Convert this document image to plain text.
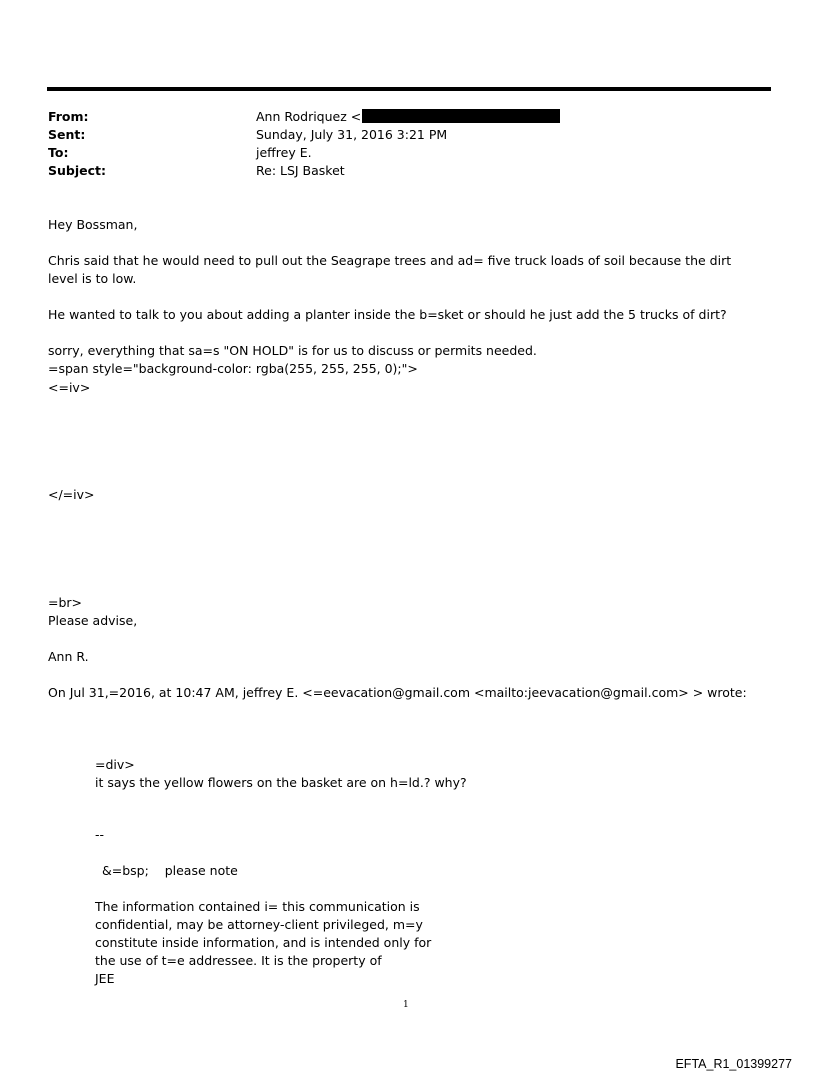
From:	Ann Rodriquez <
Sent:	Sunday, July 31, 2016 3:21 PM
To:	jeffrey E.
Subject:	Re: LSJ Basket

Hey Bossman,

Chris said that he would need to pull out the Seagrape trees and ad= five truck loads of soil because the dirt level is to low.

He wanted to talk to you about adding a planter inside the b=sket or should he just add the 5 trucks of dirt?

sorry, everything that sa=s "ON HOLD" is for us to discuss or permits needed.

=span style="background-color: rgba(255, 255, 255, 0);">

<=iv>

</=iv>

=br>

Please advise,

Ann R.

On Jul 31,=2016, at 10:47 AM, jeffrey E. <=eevacation@gmail.com <mailto:jeevacation@gmail.com> > wrote:

=div>

it says the yellow flowers on the basket are on h=ld.? why?

--

&=bsp;    please note

The information contained i= this communication is

confidential, may be attorney-client privileged, m=y

constitute inside information, and is intended only for

the use of t=e addressee. It is the property of

JEE

1
EFTA_R1_01399277
